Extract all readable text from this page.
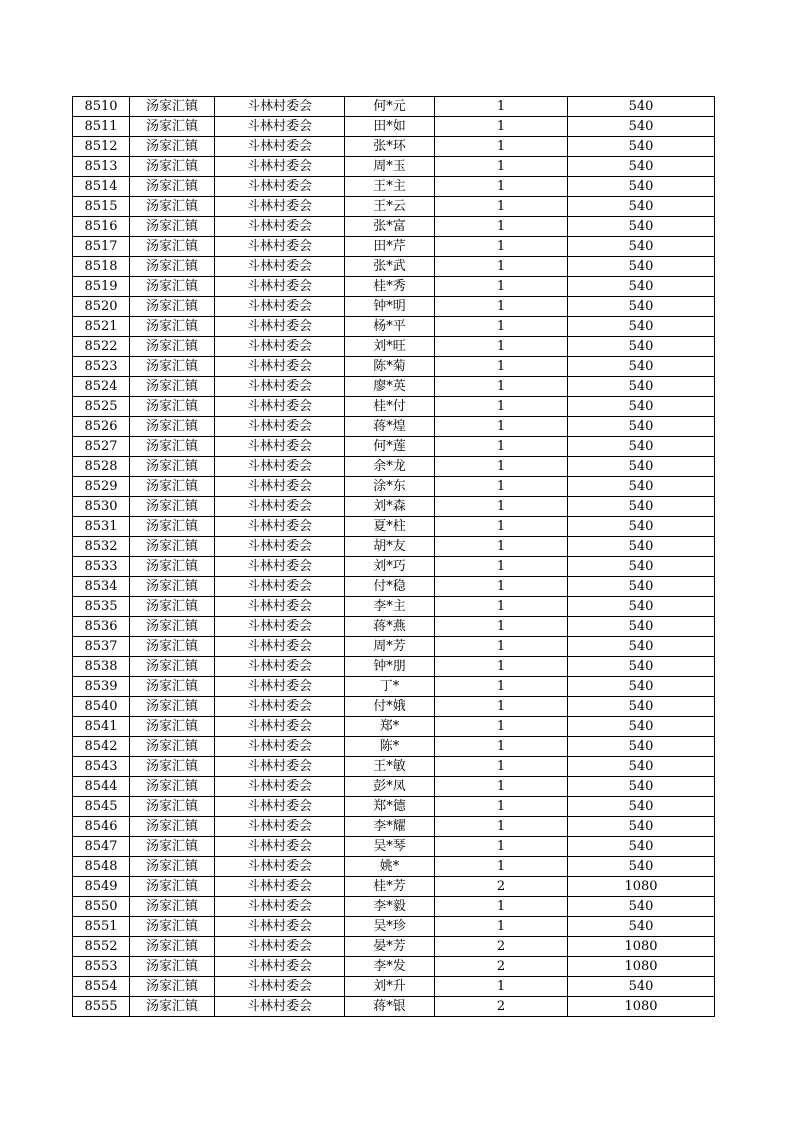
8510	汤家汇镇	斗林村委会	何*元	1	540
8511	汤家汇镇	斗林村委会	田*如	1	540
8512	汤家汇镇	斗林村委会	张*环	1	540
8513	汤家汇镇	斗林村委会	周*玉	1	540
8514	汤家汇镇	斗林村委会	王*主	1	540
8515	汤家汇镇	斗林村委会	王*云	1	540
8516	汤家汇镇	斗林村委会	张*富	1	540
8517	汤家汇镇	斗林村委会	田*芹	1	540
8518	汤家汇镇	斗林村委会	张*武	1	540
8519	汤家汇镇	斗林村委会	桂*秀	1	540
8520	汤家汇镇	斗林村委会	钟*明	1	540
8521	汤家汇镇	斗林村委会	杨*平	1	540
8522	汤家汇镇	斗林村委会	刘*旺	1	540
8523	汤家汇镇	斗林村委会	陈*菊	1	540
8524	汤家汇镇	斗林村委会	廖*英	1	540
8525	汤家汇镇	斗林村委会	桂*付	1	540
8526	汤家汇镇	斗林村委会	蒋*煌	1	540
8527	汤家汇镇	斗林村委会	何*莲	1	540
8528	汤家汇镇	斗林村委会	余*龙	1	540
8529	汤家汇镇	斗林村委会	涂*东	1	540
8530	汤家汇镇	斗林村委会	刘*森	1	540
8531	汤家汇镇	斗林村委会	夏*柱	1	540
8532	汤家汇镇	斗林村委会	胡*友	1	540
8533	汤家汇镇	斗林村委会	刘*巧	1	540
8534	汤家汇镇	斗林村委会	付*稳	1	540
8535	汤家汇镇	斗林村委会	李*主	1	540
8536	汤家汇镇	斗林村委会	蒋*燕	1	540
8537	汤家汇镇	斗林村委会	周*芳	1	540
8538	汤家汇镇	斗林村委会	钟*朋	1	540
8539	汤家汇镇	斗林村委会	丁*	1	540
8540	汤家汇镇	斗林村委会	付*娥	1	540
8541	汤家汇镇	斗林村委会	郑*	1	540
8542	汤家汇镇	斗林村委会	陈*	1	540
8543	汤家汇镇	斗林村委会	王*敏	1	540
8544	汤家汇镇	斗林村委会	彭*凤	1	540
8545	汤家汇镇	斗林村委会	郑*德	1	540
8546	汤家汇镇	斗林村委会	李*耀	1	540
8547	汤家汇镇	斗林村委会	吴*琴	1	540
8548	汤家汇镇	斗林村委会	姚*	1	540
8549	汤家汇镇	斗林村委会	桂*芳	2	1080
8550	汤家汇镇	斗林村委会	李*毅	1	540
8551	汤家汇镇	斗林村委会	吴*珍	1	540
8552	汤家汇镇	斗林村委会	晏*芳	2	1080
8553	汤家汇镇	斗林村委会	李*发	2	1080
8554	汤家汇镇	斗林村委会	刘*升	1	540
8555	汤家汇镇	斗林村委会	蒋*银	2	1080
